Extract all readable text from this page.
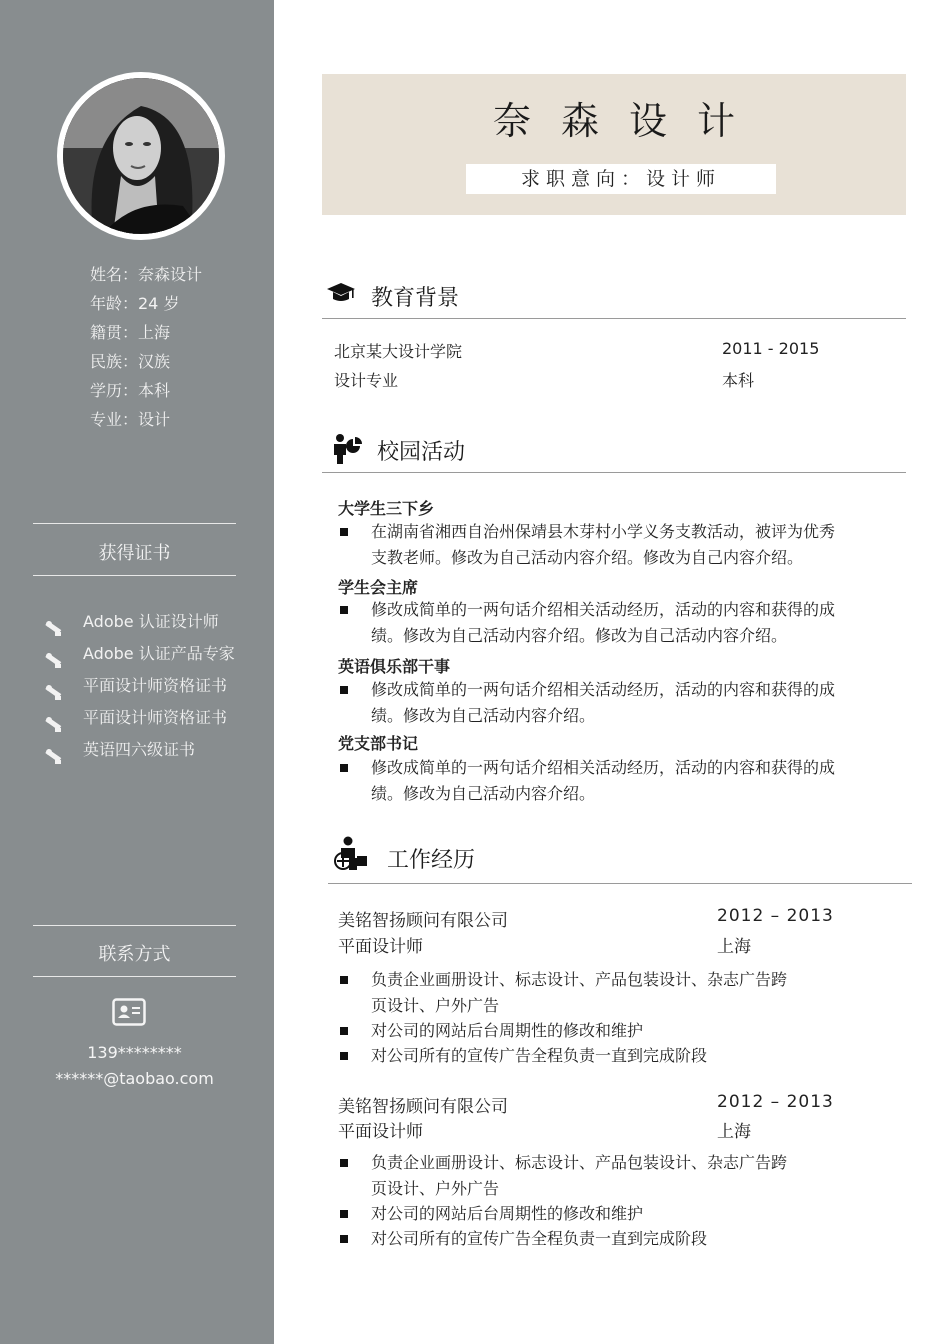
姓名：奈森设计
年龄：24 岁
籍贯：上海
民族：汉族
学历：本科
专业：设计
获得证书
Adobe 认证设计师
Adobe 认证产品专家
平面设计师资格证书
平面设计师资格证书
英语四六级证书
联系方式
139********
******@taobao.com
奈森设计
求职意向：设计师
教育背景
北京某大设计学院	2011 - 2015
设计专业	本科
校园活动
大学生三下乡
在湖南省湘西自治州保靖县木芽村小学义务支教活动，被评为优秀支教老师。修改为自己活动内容介绍。修改为自己内容介绍。
学生会主席
修改成简单的一两句话介绍相关活动经历，活动的内容和获得的成绩。修改为自己活动内容介绍。修改为自己活动内容介绍。
英语俱乐部干事
修改成简单的一两句话介绍相关活动经历，活动的内容和获得的成绩。修改为自己活动内容介绍。
党支部书记
修改成简单的一两句话介绍相关活动经历，活动的内容和获得的成绩。修改为自己活动内容介绍。
工作经历
美铭智扬顾问有限公司	2012 – 2013
平面设计师	上海
负责企业画册设计、标志设计、产品包装设计、杂志广告跨页设计、户外广告
对公司的网站后台周期性的修改和维护
对公司所有的宣传广告全程负责一直到完成阶段
美铭智扬顾问有限公司	2012 – 2013
平面设计师	上海
负责企业画册设计、标志设计、产品包装设计、杂志广告跨页设计、户外广告
对公司的网站后台周期性的修改和维护
对公司所有的宣传广告全程负责一直到完成阶段
